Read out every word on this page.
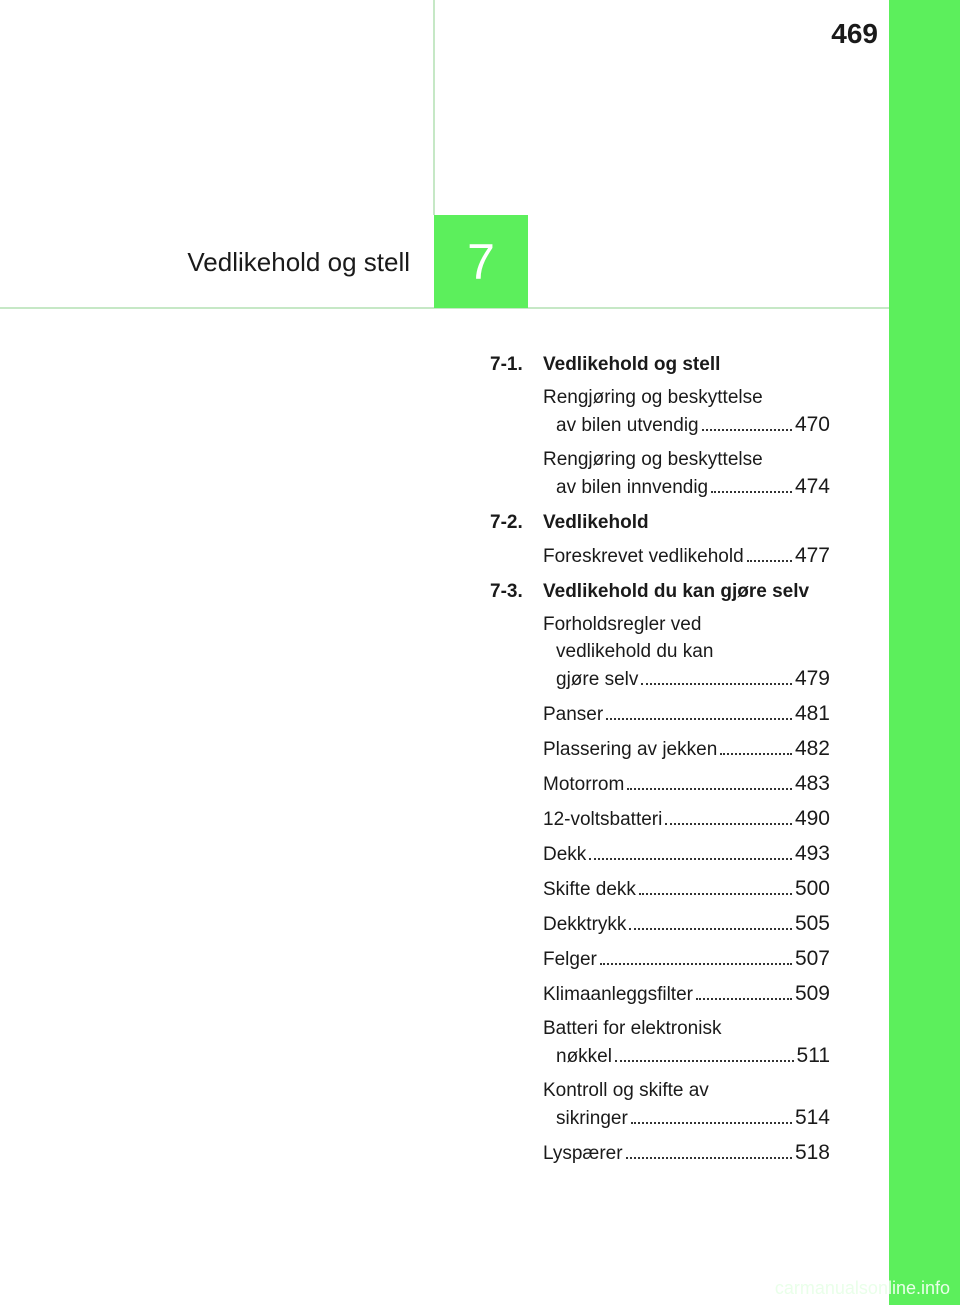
469
Vedlikehold og stell 7
7-1.	Vedlikehold og stell
Rengjøring og beskyttelse
av bilen utvendig	470
Rengjøring og beskyttelse
av bilen innvendig	474
7-2.	Vedlikehold
Foreskrevet vedlikehold 477
7-3.	Vedlikehold du kan gjøre selv
Forholdsregler ved
vedlikehold du kan
gjøre selv	479
Panser	481
Plassering av jekken	482
Motorrom	483
12-voltsbatteri	490
Dekk	493
Skifte dekk	500
Dekktrykk	505
Felger	507
Klimaanleggsfilter	509
Batteri for elektronisk
nøkkel	511
Kontroll og skifte av
sikringer	514
Lyspærer	518
carmanualsonline.info
